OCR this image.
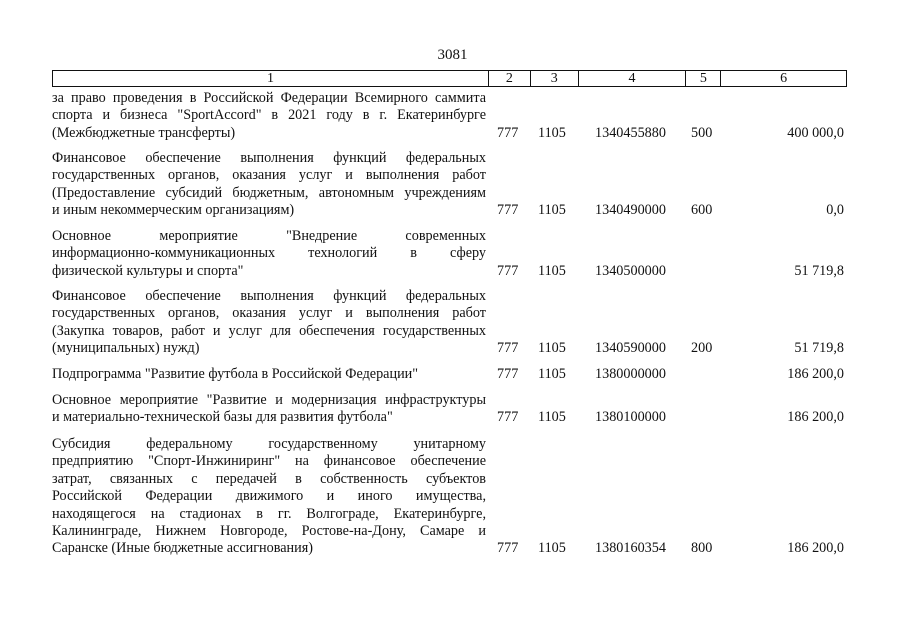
3081
1	2	3	4	5	6
за право проведения в Российской Федерации Всемирного саммита
спорта и бизнеса "SportAccord" в 2021 году в г. Екатеринбурге
(Межбюджетные трансферты)	777 1105 1340455880 500	400 000,0
Финансовое обеспечение выполнения функций федеральных
государственных органов, оказания услуг и выполнения работ
(Предоставление субсидий бюджетным, автономным учреждениям
и иным некоммерческим организациям)	777 1105 1340490000 600	0,0
Основное мероприятие "Внедрение современных
информационно-коммуникационных технологий в сферу
физической культуры и спорта"	777 1105 1340500000	51 719,8
Финансовое обеспечение выполнения функций федеральных
государственных органов, оказания услуг и выполнения работ
(Закупка товаров, работ и услуг для обеспечения государственных
(муниципальных) нужд)	777 1105 1340590000 200	51 719,8
Подпрограмма "Развитие футбола в Российской Федерации"	777 1105 1380000000	186 200,0
Основное мероприятие "Развитие и модернизация инфраструктуры
и материально-технической базы для развития футбола"	777 1105 1380100000	186 200,0
Субсидия федеральному государственному унитарному
предприятию "Спорт-Инжиниринг" на финансовое обеспечение
затрат, связанных с передачей в собственность субъектов
Российской Федерации движимого и иного имущества,
находящегося на стадионах в гг. Волгограде, Екатеринбурге,
Калининграде, Нижнем Новгороде, Ростове-на-Дону, Самаре и
Саранске (Иные бюджетные ассигнования)	777 1105 1380160354 800	186 200,0
